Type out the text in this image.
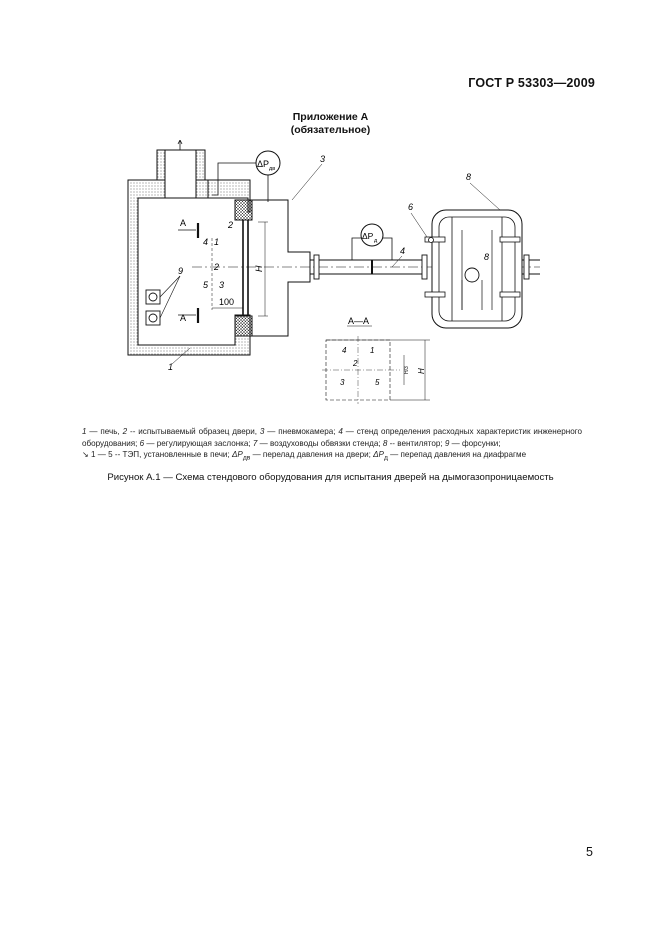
ГОСТ Р 53303—2009
Приложение А
(обязательное)
ΔP дв
ΔP д
А
А
4 1
2
5 3
H
100
3
2
4
6
8
8
9
1
А—А
4	1
2
3	5
H
H/3
1 — печь, 2 -- испытываемый образец двери, 3 — пневмокамера; 4 — стенд определения расходных характеристик инженерного оборудования; 6 — регулирующая заслонка; 7 — воздуховоды обвязки стенда; 8 -- вентилятор; 9 — форсунки;
↘ 1 — 5 -- ТЭП, установленные в печи; $\Delta P_{дв}$ — перелад давления на двери; $\Delta P_д$ — перепад давления на диафрагме
Рисунок А.1 — Схема стендового оборудования для испытания дверей на дымогазопроницаемость
5
